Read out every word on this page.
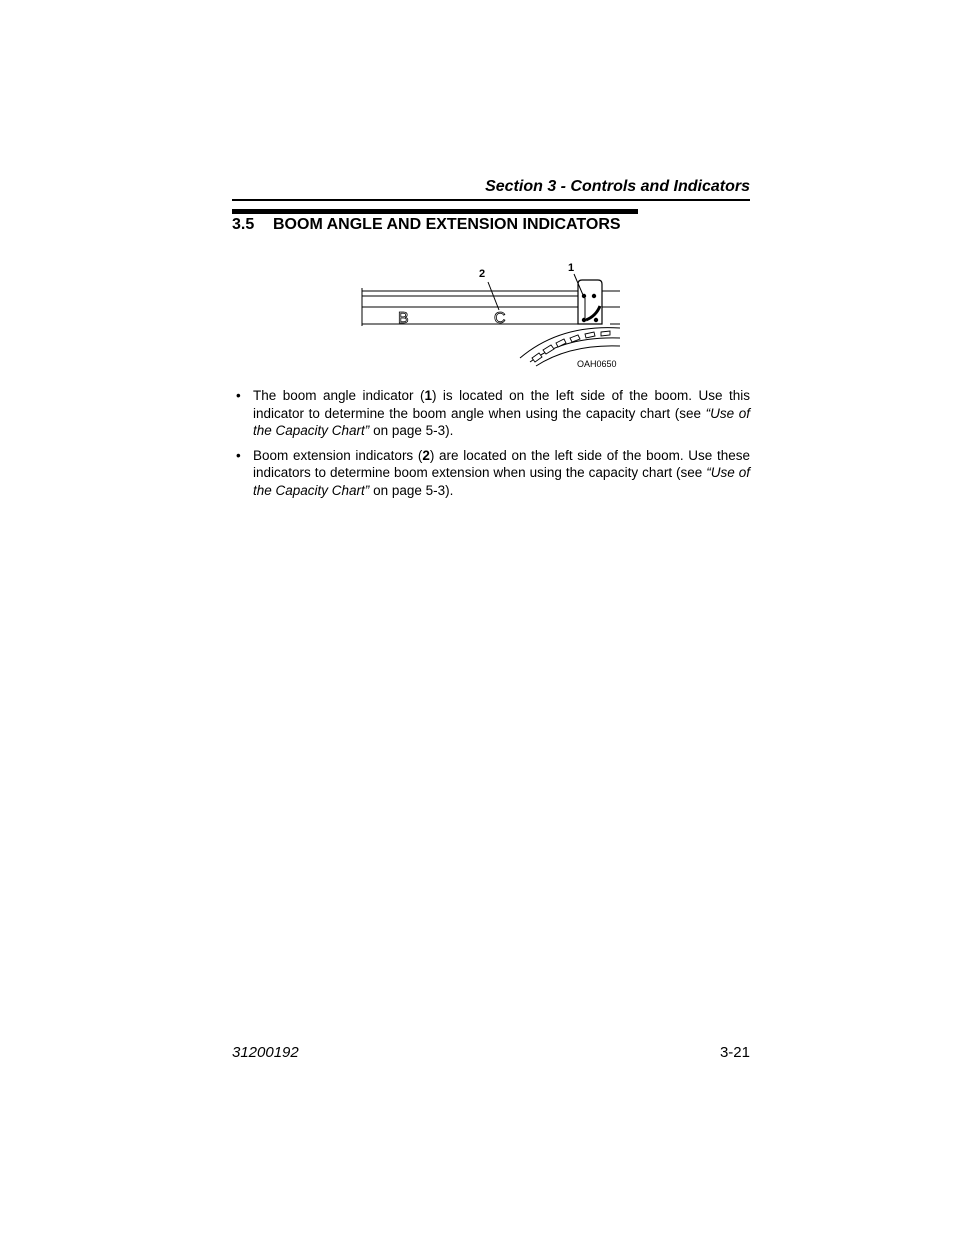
Section 3 - Controls and Indicators
3.5 BOOM ANGLE AND EXTENSION INDICATORS
B	C
1
2
OAH0650
• The boom angle indicator (1) is located on the left side of the boom. Use this indicator to determine the boom angle when using the capacity chart (see “Use of the Capacity Chart” on page 5-3).
• Boom extension indicators (2) are located on the left side of the boom. Use these indicators to determine boom extension when using the capacity chart (see “Use of the Capacity Chart” on page 5-3).
31200192	3-21
